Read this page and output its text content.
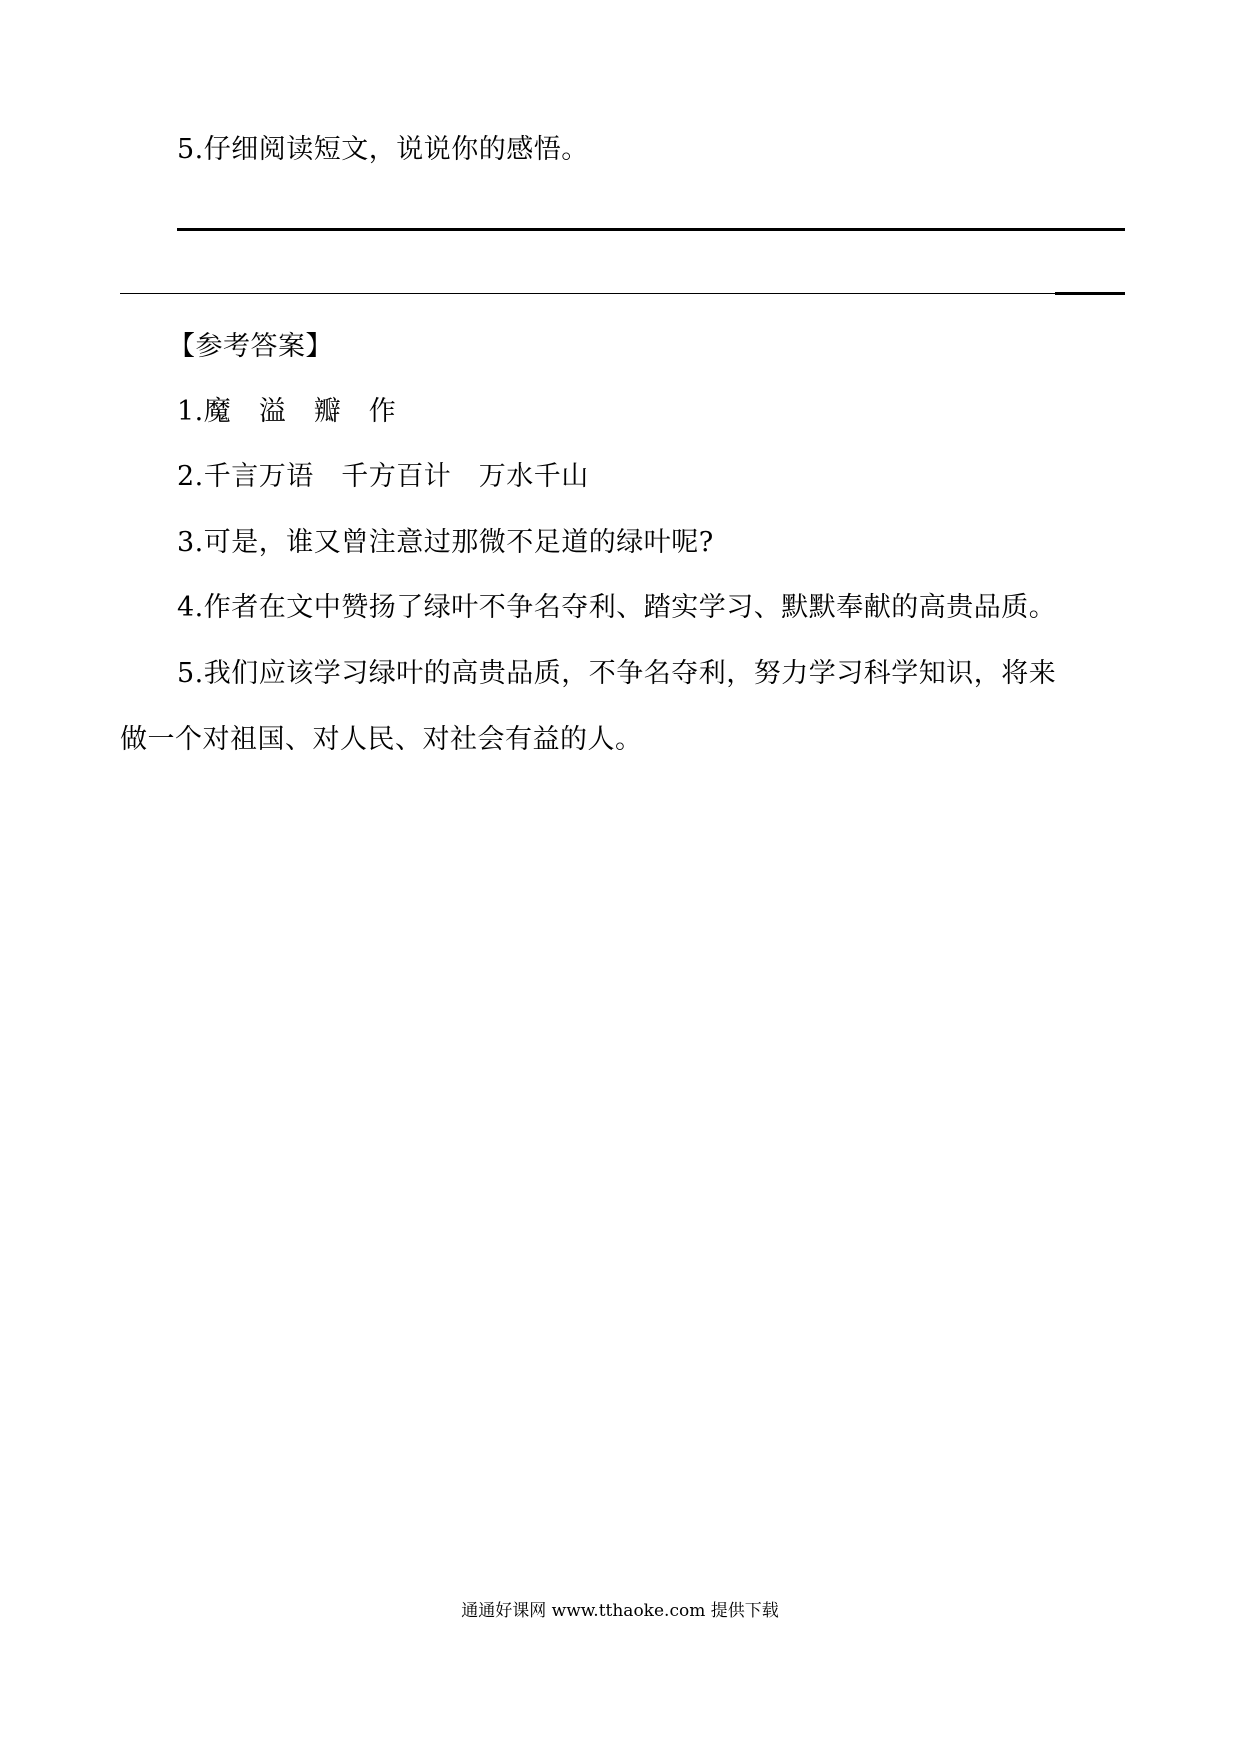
5.仔细阅读短文，说说你的感悟。
【参考答案】
1.魔　溢　瓣　作
2.千言万语　千方百计　万水千山
3.可是，谁又曾注意过那微不足道的绿叶呢?
4.作者在文中赞扬了绿叶不争名夺利、踏实学习、默默奉献的高贵品质。
5.我们应该学习绿叶的高贵品质，不争名夺利，努力学习科学知识，将来
做一个对祖国、对人民、对社会有益的人。
通通好课网 www.tthaoke.com 提供下载
